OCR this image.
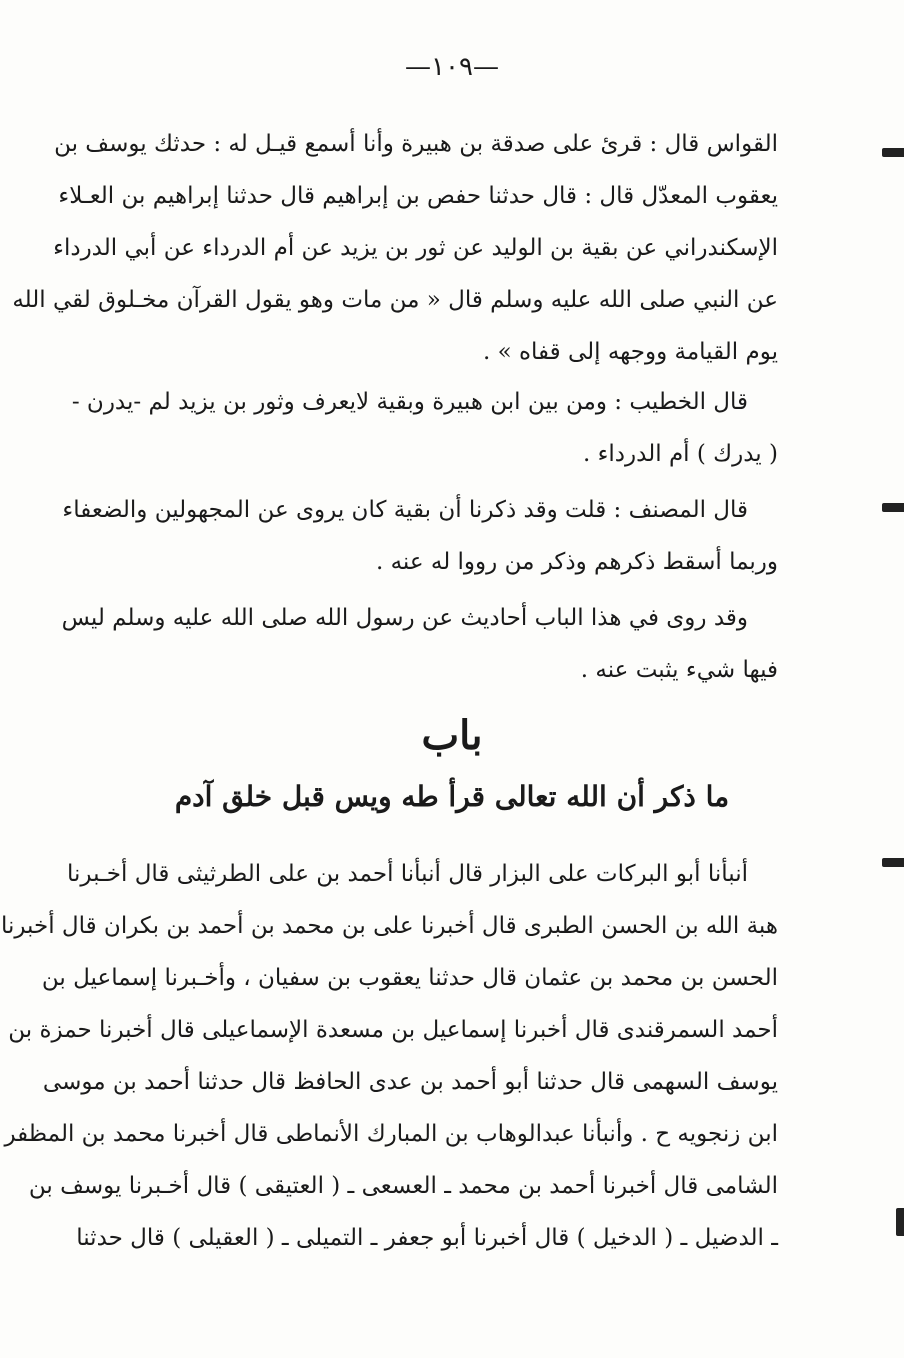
—١٠٩—
القواس قال : قرئ على صدقة بن هبيرة وأنا أسمع قيـل له : حدثك يوسف بن
يعقوب المعدّل قال : قال حدثنا حفص بن إبراهيم قال حدثنا إبراهيم بن العـلاء
الإسكندراني عن بقية بن الوليد عن ثور بن يزيد عن أم الدرداء عن أبي الدرداء
عن النبي صلى الله عليه وسلم قال « من مات وهو يقول القرآن مخـلوق لقي الله
يوم القيامة ووجهه إلى قفاه » .
قال الخطيب : ومن بين ابن هبيرة وبقية لايعرف وثور بن يزيد لم -يدرن -
( يدرك ) أم الدرداء .
قال المصنف : قلت وقد ذكرنا أن بقية كان يروى عن المجهولين والضعفاء
وربما أسقط ذكرهم وذكر من رووا له عنه .
وقد روى في هذا الباب أحاديث عن رسول الله صلى الله عليه وسلم ليس
فيها شيء يثبت عنه .
باب
ما ذكر أن الله تعالى قرأ طه ويس قبل خلق آدم
أنبأنا أبو البركات على البزار قال أنبأنا أحمد بن على الطرثيثى قال أخـبرنا
هبة الله بن الحسن الطبرى قال أخبرنا على بن محمد بن أحمد بن بكران قال أخبرنا
الحسن بن محمد بن عثمان قال حدثنا يعقوب بن سفيان ، وأخـبرنا إسماعيل بن
أحمد السمرقندى قال أخبرنا إسماعيل بن مسعدة الإسماعيلى قال أخبرنا حمزة بن
يوسف السهمى قال حدثنا أبو أحمد بن عدى الحافظ قال حدثنا أحمد بن موسى
ابن زنجويه ح . وأنبأنا عبدالوهاب بن المبارك الأنماطى قال أخبرنا محمد بن المظفر
الشامى قال أخبرنا أحمد بن محمد ـ العسعى ـ ( العتيقى ) قال أخـبرنا يوسف بن
ـ الدضيل ـ ( الدخيل ) قال أخبرنا أبو جعفر ـ التميلى ـ ( العقيلى ) قال حدثنا
